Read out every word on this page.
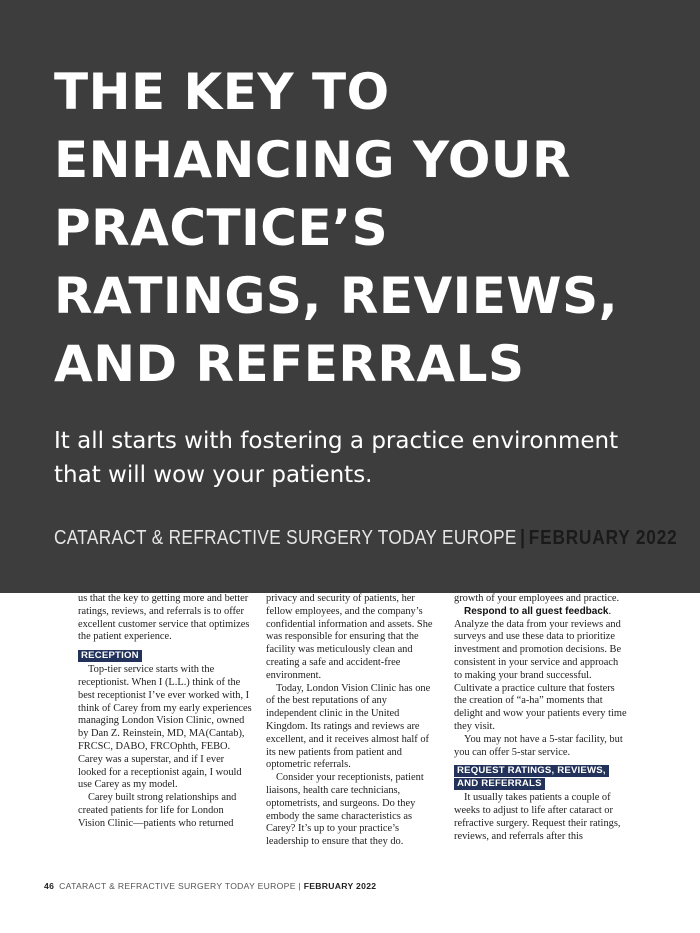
us that the key to getting more and better ratings, reviews, and referrals is to offer excellent customer service that optimizes the patient experience.

RECEPTION

Top-tier service starts with the receptionist. When I (L.L.) think of the best receptionist I’ve ever worked with, I think of Carey from my early experiences managing London Vision Clinic, owned by Dan Z. Reinstein, MD, MA(Cantab), FRCSC, DABO, FRCOphth, FEBO. Carey was a superstar, and if I ever looked for a receptionist again, I would use Carey as my model.

Carey built strong relationships and created patients for life for London Vision Clinic—patients who returned

privacy and security of patients, her fellow employees, and the company’s confidential information and assets. She was responsible for ensuring that the facility was meticulously clean and creating a safe and accident-free environment.

Today, London Vision Clinic has one of the best reputations of any independent clinic in the United Kingdom. Its ratings and reviews are excellent, and it receives almost half of its new patients from patient and optometric referrals.

Consider your receptionists, patient liaisons, health care technicians, optometrists, and surgeons. Do they embody the same characteristics as Carey? It’s up to your practice’s leadership to ensure that they do.

growth of your employees and practice.

Respond to all guest feedback.

Analyze the data from your reviews and surveys and use these data to prioritize investment and promotion decisions. Be consistent in your service and approach to making your brand successful. Cultivate a practice culture that fosters the creation of “a-ha” moments that delight and wow your patients every time they visit.

You may not have a 5-star facility, but you can offer 5-star service.

REQUEST RATINGS, REVIEWS,
AND REFERRALS

It usually takes patients a couple of weeks to adjust to life after cataract or refractive surgery. Request their ratings, reviews, and referrals after this

THE KEY TO
ENHANCING YOUR
PRACTICE’S
RATINGS, REVIEWS,
AND REFERRALS
It all starts with fostering a practice environment that will wow your patients.
CATARACT & REFRACTIVE SURGERY TODAY EUROPE | FEBRUARY 2022
46 CATARACT & REFRACTIVE SURGERY TODAY EUROPE | FEBRUARY 2022
